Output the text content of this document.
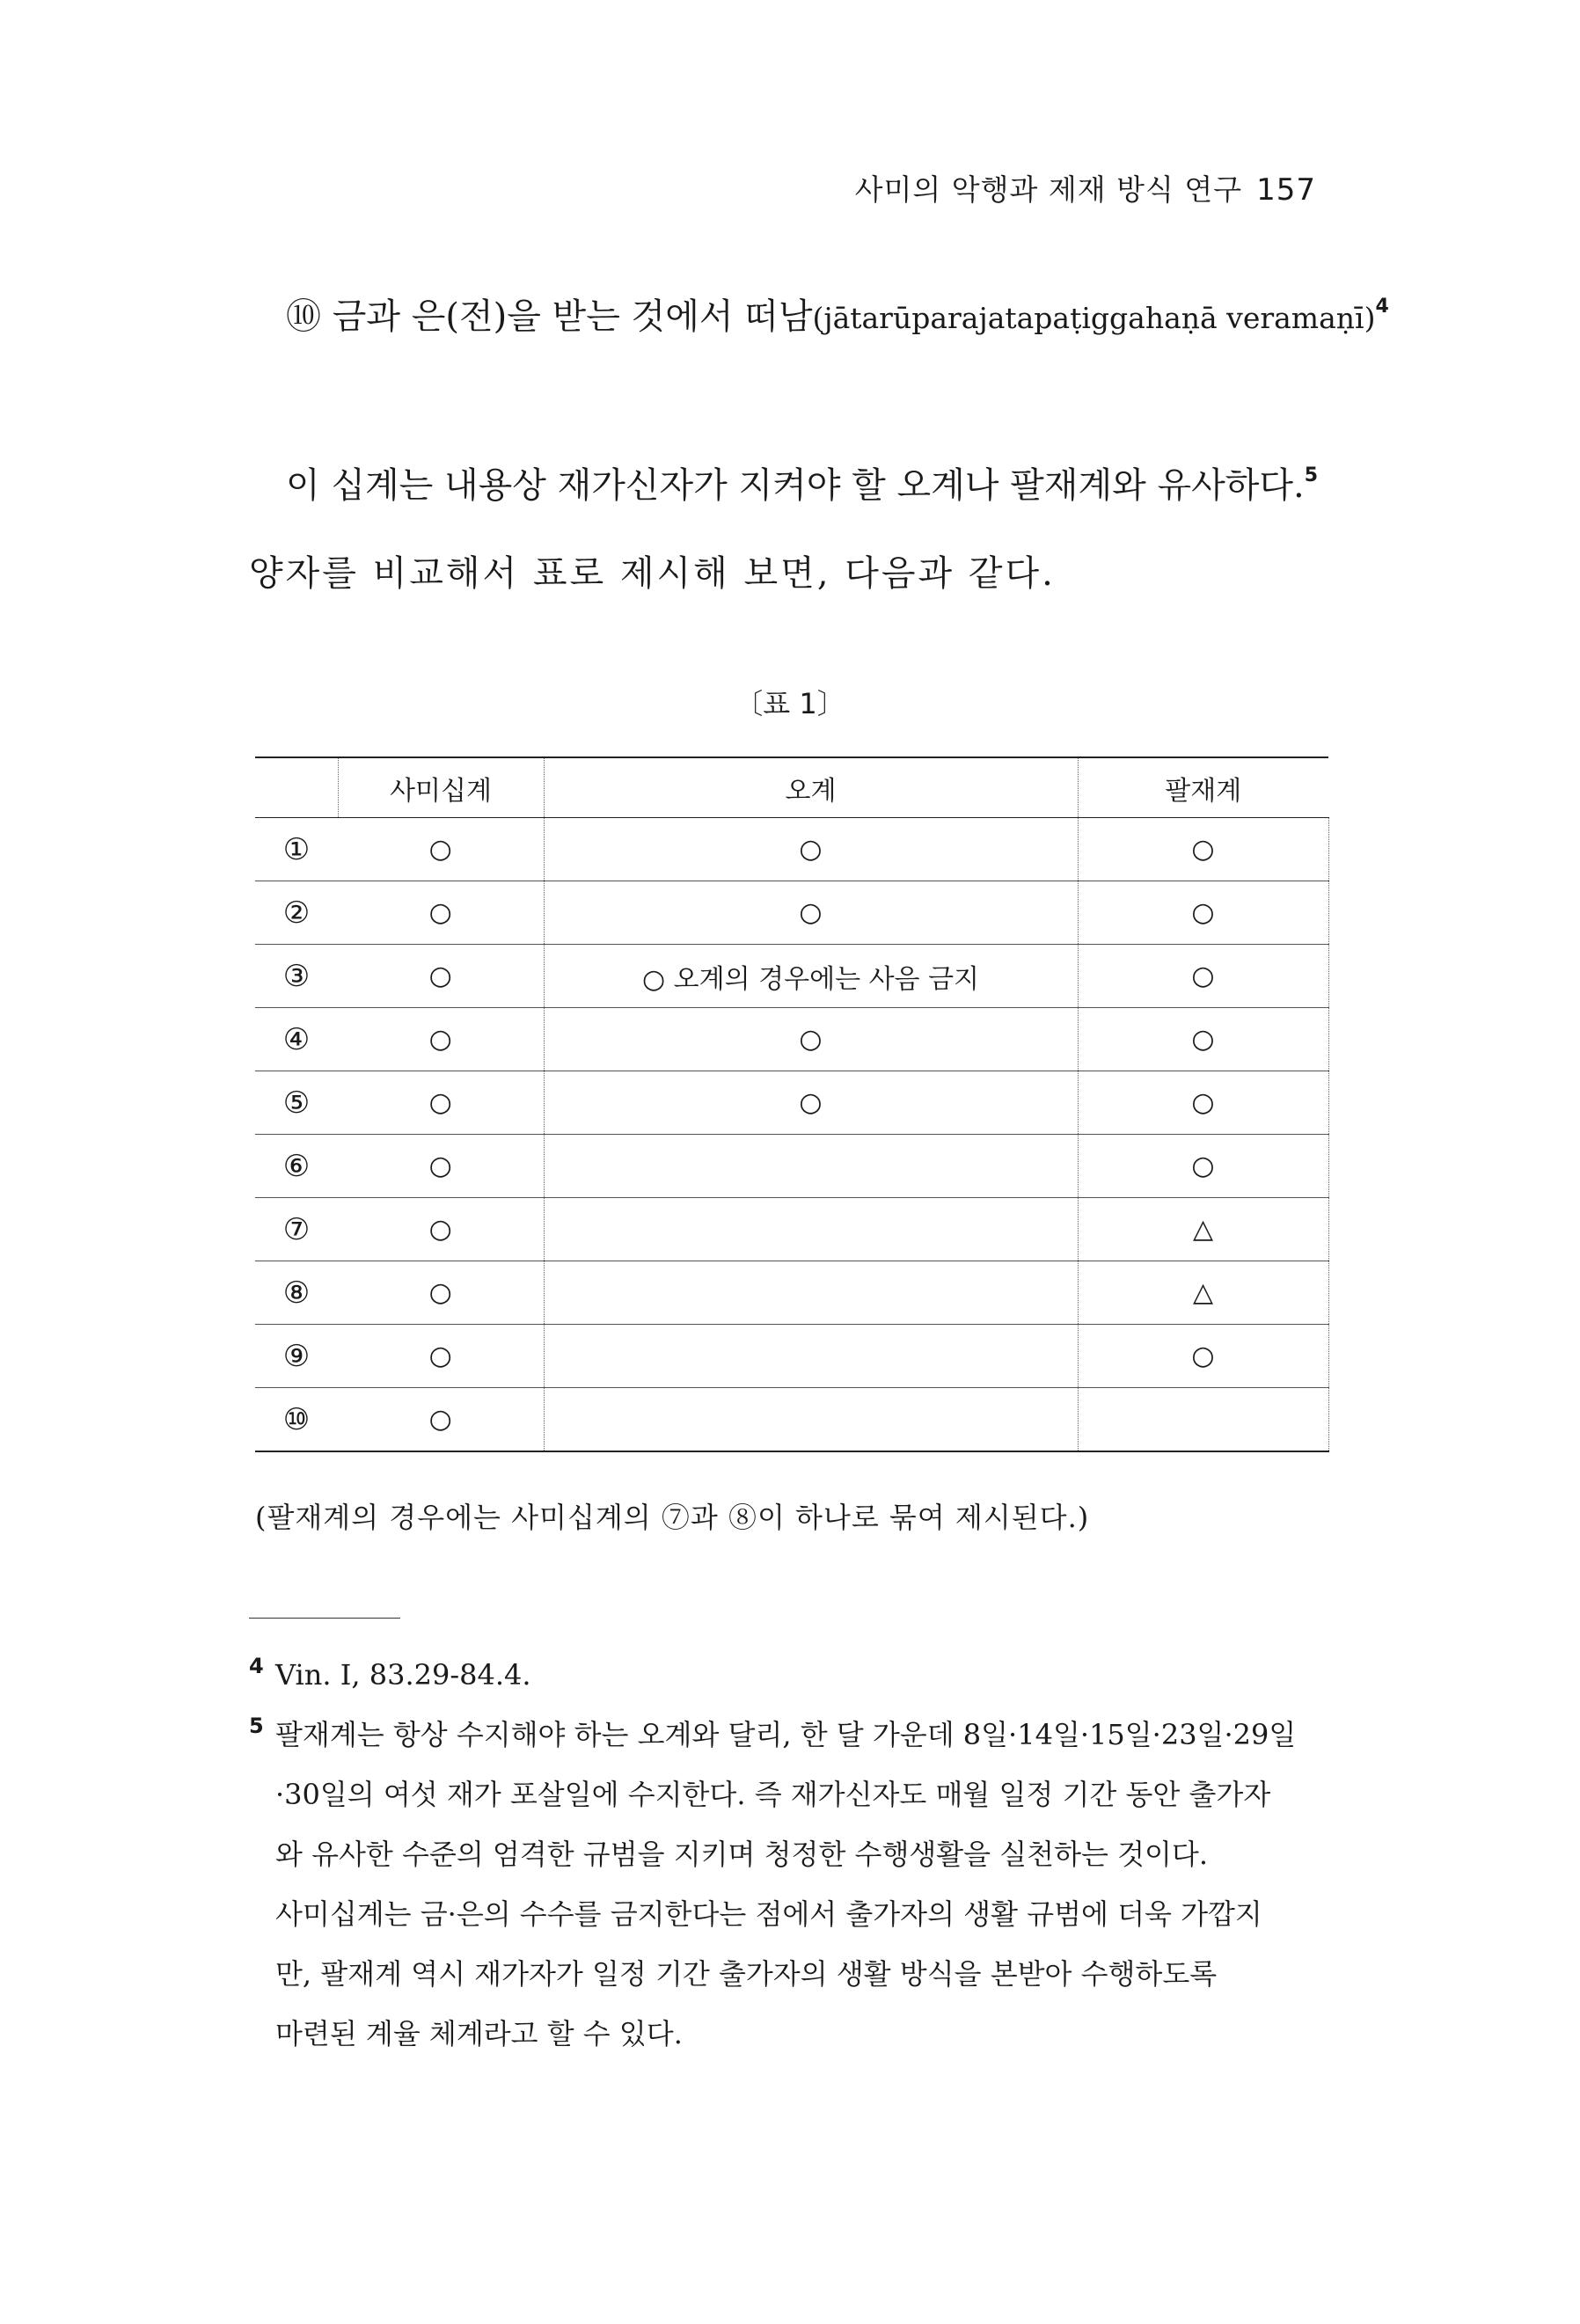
사미의 악행과 제재 방식 연구 157
⑩ 금과 은(전)을 받는 것에서 떠남(jātarūparajatapaṭiggahaṇā veramaṇī)$^4$
이 십계는 내용상 재가신자가 지켜야 할 오계나 팔재계와 유사하다.$^5$
양자를 비교해서 표로 제시해 보면, 다음과 같다.
〔표 1〕
	사미십계	오계	팔재계
①	○	○	○
②	○	○	○
③	○	○ 오계의 경우에는 사음 금지	○
④	○	○	○
⑤	○	○	○
⑥	○		○
⑦	○		△
⑧	○		△
⑨	○		○
⑩	○		
(팔재계의 경우에는 사미십계의 ⑦과 ⑧이 하나로 묶여 제시된다.)
4 Vin. Ⅰ, 83.29-84.4.
5 팔재계는 항상 수지해야 하는 오계와 달리, 한 달 가운데 8일·14일·15일·23일·29일
·30일의 여섯 재가 포살일에 수지한다. 즉 재가신자도 매월 일정 기간 동안 출가자
와 유사한 수준의 엄격한 규범을 지키며 청정한 수행생활을 실천하는 것이다.
사미십계는 금·은의 수수를 금지한다는 점에서 출가자의 생활 규범에 더욱 가깝지
만, 팔재계 역시 재가자가 일정 기간 출가자의 생활 방식을 본받아 수행하도록
마련된 계율 체계라고 할 수 있다.
